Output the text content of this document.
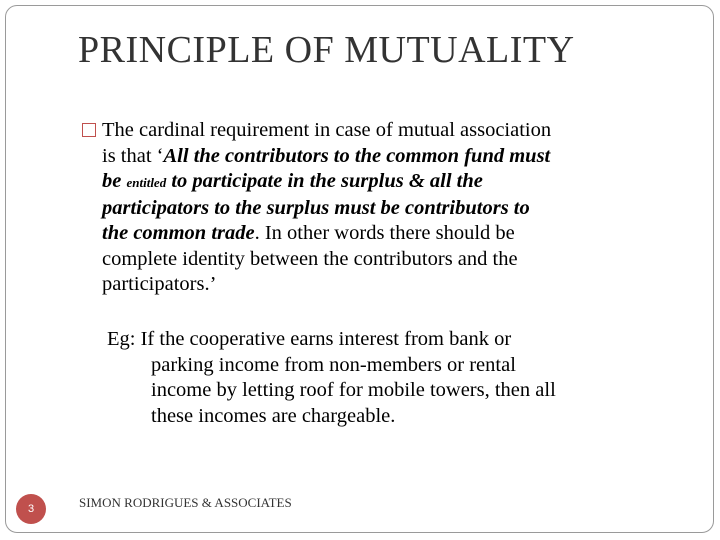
PRINCIPLE OF MUTUALITY
The cardinal requirement in case of mutual association
is that ‘All the contributors to the common fund must
be entitled to participate in the surplus & all the
participators to the surplus must be contributors to
the common trade. In other words there should be
complete identity between the contributors and the
participators.’
Eg: If the cooperative earns interest from bank or
parking income from non-members or rental
income by letting roof for mobile towers, then all
these incomes are chargeable.
3	SIMON RODRIGUES & ASSOCIATES
